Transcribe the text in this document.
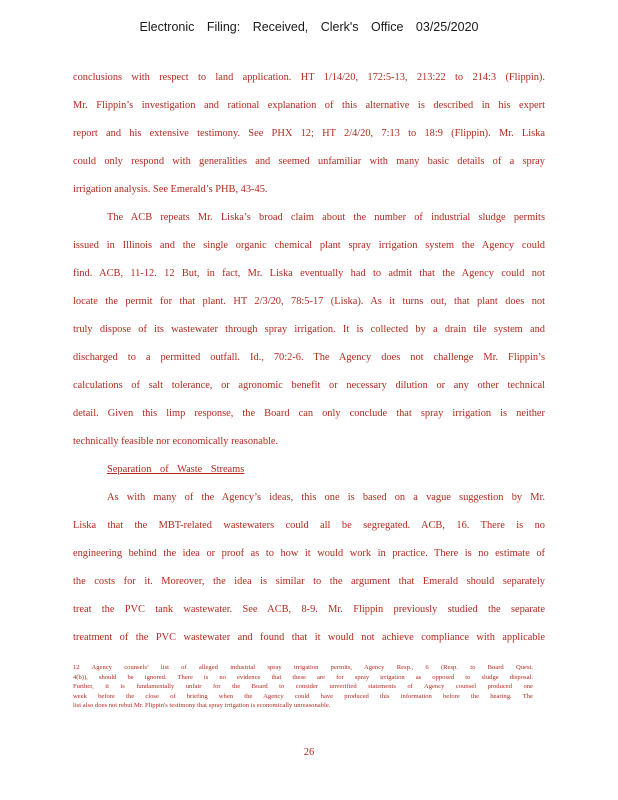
Electronic Filing: Received, Clerk's Office 03/25/2020
conclusions with respect to land application. HT 1/14/20, 172:5-13, 213:22 to 214:3 (Flippin).
Mr. Flippin’s investigation and rational explanation of this alternative is described in his expert
report and his extensive testimony. See PHX 12; HT 2/4/20, 7:13 to 18:9 (Flippin). Mr. Liska
could only respond with generalities and seemed unfamiliar with many basic details of a spray
irrigation analysis. See Emerald’s PHB, 43-45.
The ACB repeats Mr. Liska’s broad claim about the number of industrial sludge permits
issued in Illinois and the single organic chemical plant spray irrigation system the Agency could
find. ACB, 11-12. 12 But, in fact, Mr. Liska eventually had to admit that the Agency could not
locate the permit for that plant. HT 2/3/20, 78:5-17 (Liska). As it turns out, that plant does not
truly dispose of its wastewater through spray irrigation. It is collected by a drain tile system and
discharged to a permitted outfall. Id., 70:2-6. The Agency does not challenge Mr. Flippin’s
calculations of salt tolerance, or agronomic benefit or necessary dilution or any other technical
detail. Given this limp response, the Board can only conclude that spray irrigation is neither
technically feasible nor economically reasonable.
Separation of Waste Streams
As with many of the Agency’s ideas, this one is based on a vague suggestion by Mr.
Liska that the MBT-related wastewaters could all be segregated. ACB, 16. There is no
engineering behind the idea or proof as to how it would work in practice. There is no estimate of
the costs for it. Moreover, the idea is similar to the argument that Emerald should separately
treat the PVC tank wastewater. See ACB, 8-9. Mr. Flippin previously studied the separate
treatment of the PVC wastewater and found that it would not achieve compliance with applicable
12 Agency counsels’ list of alleged industrial spray irrigation permits, Agency Resp., 6 (Resp. to Board Quest.
4(b)), should be ignored. There is no evidence that these are for spray irrigation as opposed to sludge disposal.
Further, it is fundamentally unfair for the Board to consider unverified statements of Agency counsel produced one
week before the close of briefing when the Agency could have produced this information before the hearing. The
list also does not rebut Mr. Flippin's testimony that spray irrigation is economically unreasonable.
26
